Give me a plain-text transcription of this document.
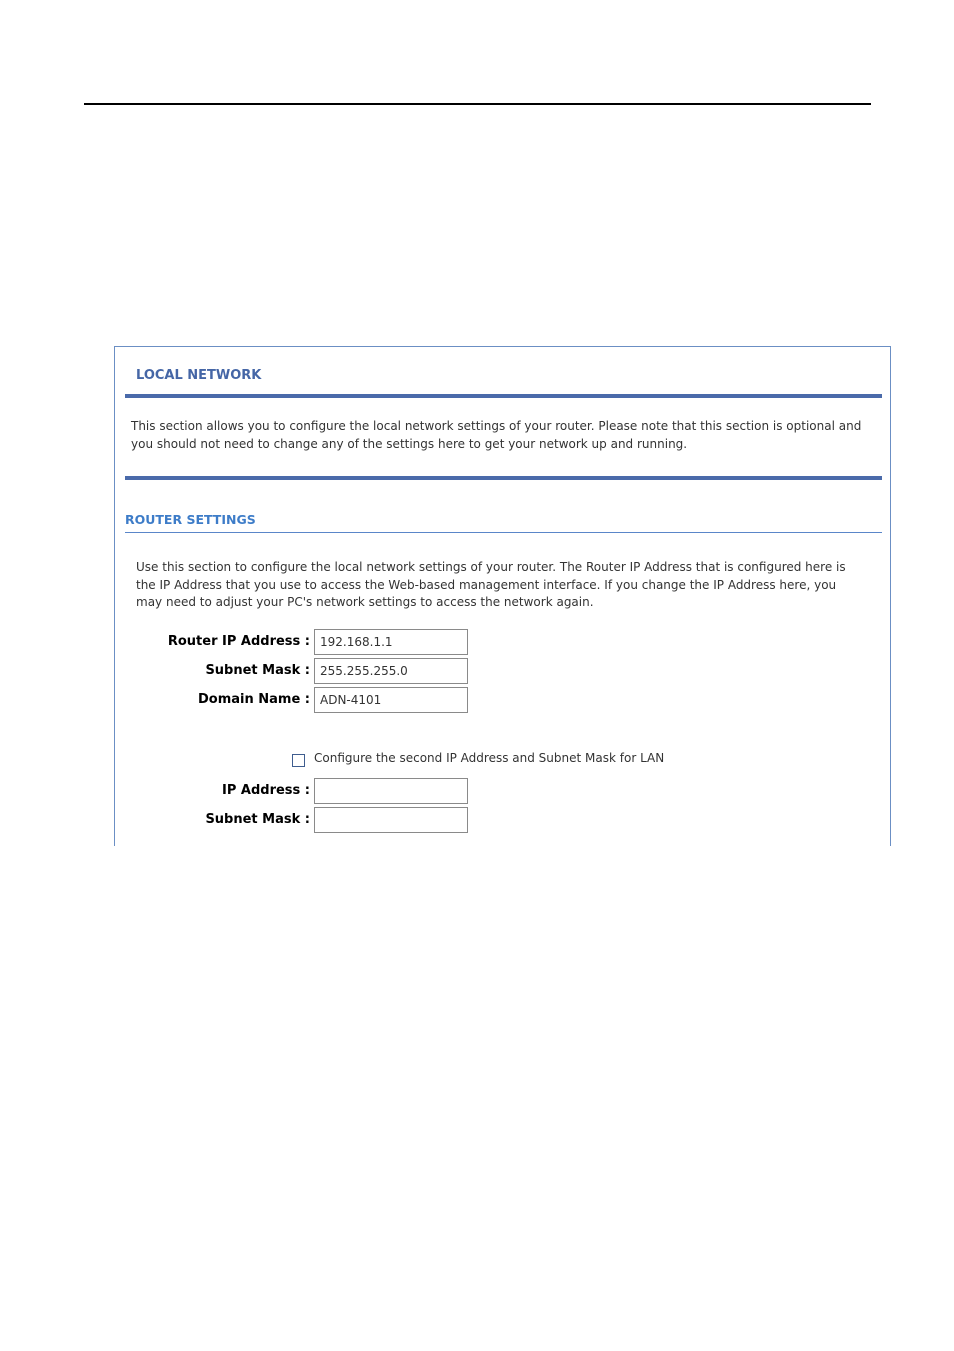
LOCAL NETWORK
This section allows you to configure the local network settings of your router. Please note that this section is optional and you should not need to change any of the settings here to get your network up and running.
ROUTER SETTINGS
Use this section to configure the local network settings of your router. The Router IP Address that is configured here is the IP Address that you use to access the Web-based management interface. If you change the IP Address here, you may need to adjust your PC's network settings to access the network again.
Router IP Address :
192.168.1.1
Subnet Mask :
255.255.255.0
Domain Name :
ADN-4101
Configure the second IP Address and Subnet Mask for LAN
IP Address :
Subnet Mask :
